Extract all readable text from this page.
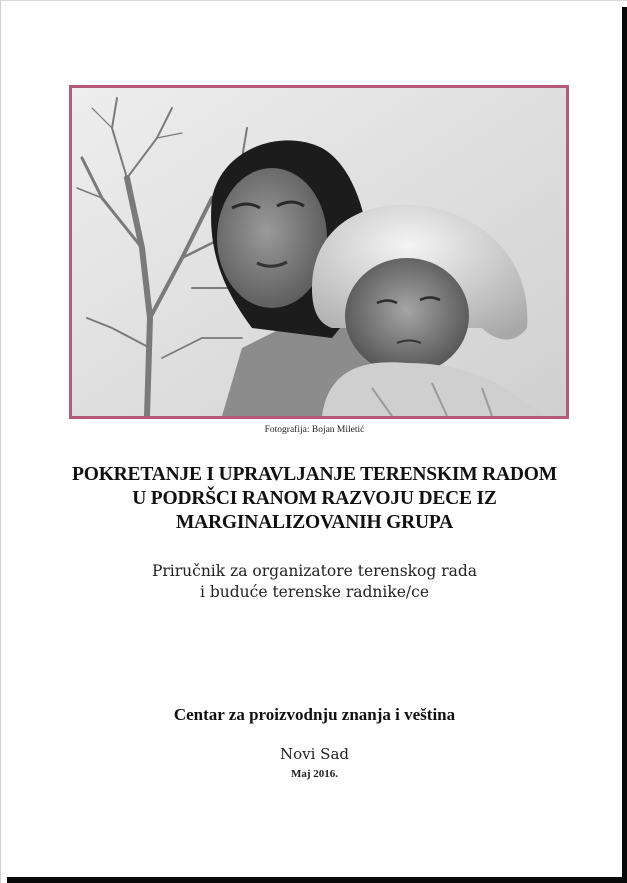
Fotografija: Bojan Miletić
POKRETANJE I UPRAVLJANJE TERENSKIM RADOM
U PODRŠCI RANOM RAZVOJU DECE IZ
MARGINALIZOVANIH GRUPA
Priručnik za organizatore terenskog rada
i buduće terenske radnike/ce
Centar za proizvodnju znanja i veština
Novi Sad
Maj 2016.
